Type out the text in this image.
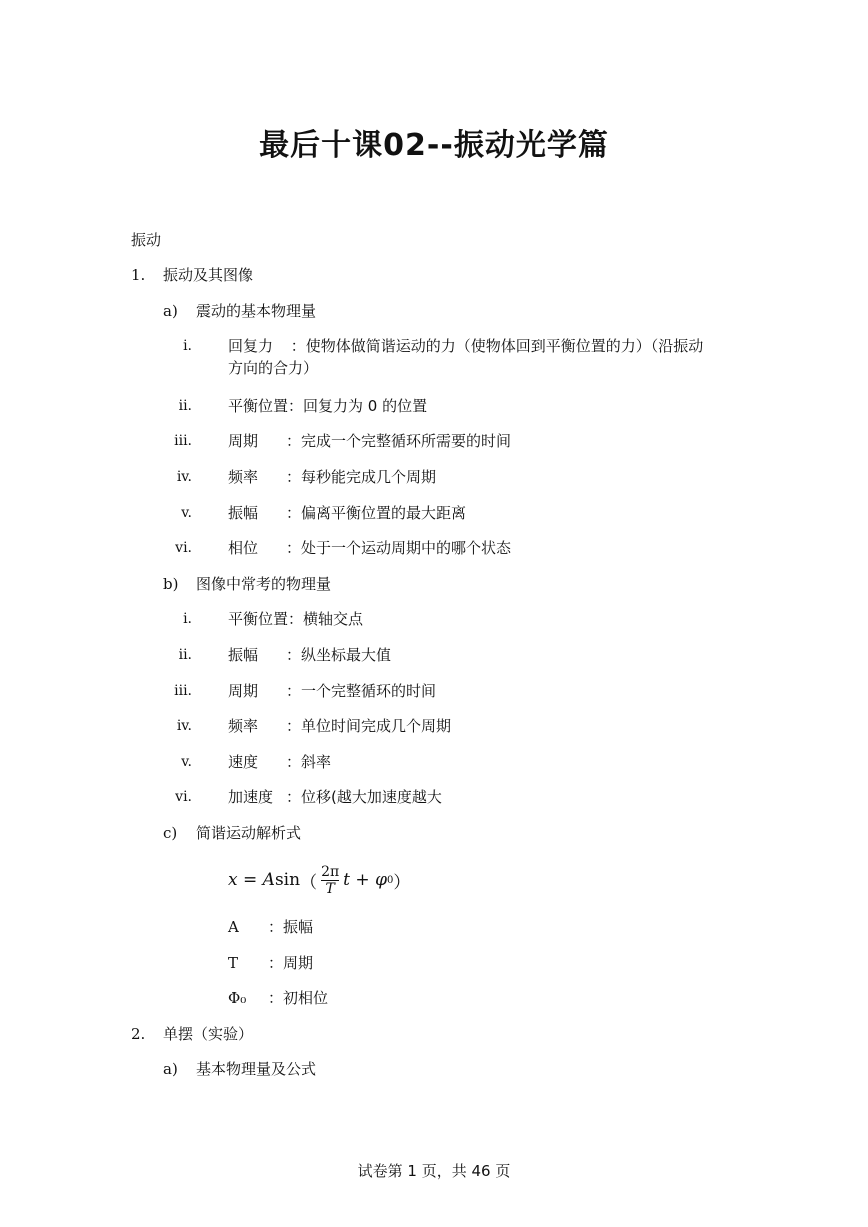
最后十课02--振动光学篇
振动
1. 振动及其图像
a) 震动的基本物理量
i. 回复力 ：使物体做简谐运动的力（使物体回到平衡位置的力）（沿振动
方向的合力）
ii. 平衡位置：回复力为 0 的位置
iii. 周期 ：完成一个完整循环所需要的时间
iv. 频率 ：每秒能完成几个周期
v. 振幅 ：偏离平衡位置的最大距离
vi. 相位 ：处于一个运动周期中的哪个状态
b) 图像中常考的物理量
i. 平衡位置：横轴交点
ii. 振幅 ：纵坐标最大值
iii. 周期 ：一个完整循环的时间
iv. 频率 ：单位时间完成几个周期
v. 速度 ：斜率
vi. 加速度 ：位移(越大加速度越大
c) 简谐运动解析式
x = A sin （ $\frac{2\pi}{T}$ t + φ 0 ）
A ：振幅
T ：周期
Φ₀ ：初相位
2. 单摆（实验）
a) 基本物理量及公式
试卷第 1 页，共 46 页
